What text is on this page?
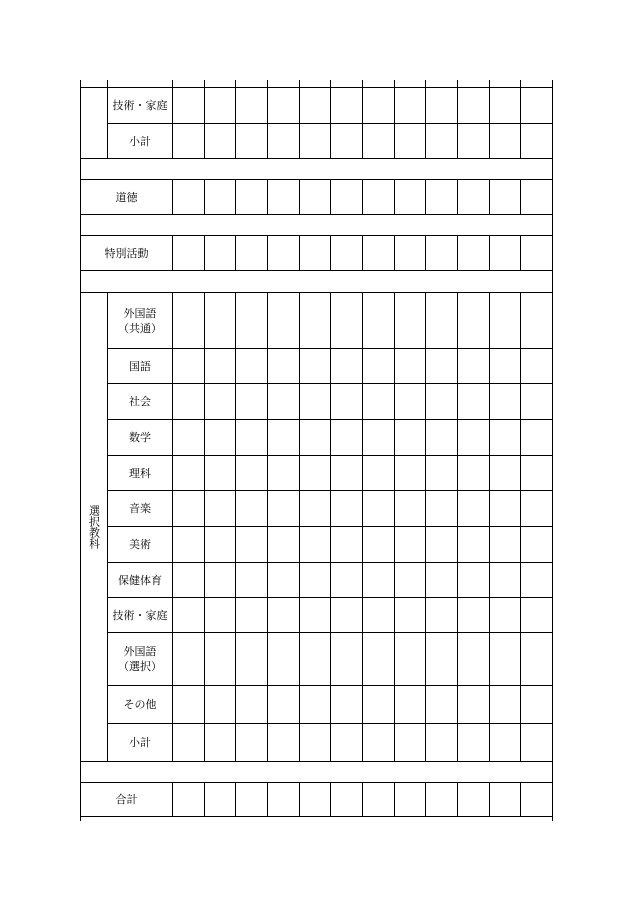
選択教科
技術・家庭
小計
道徳
特別活動
外国語
（共通）
国語
社会
数学
理科
音楽
美術
保健体育
技術・家庭
外国語
（選択）
その他
小計
合計
